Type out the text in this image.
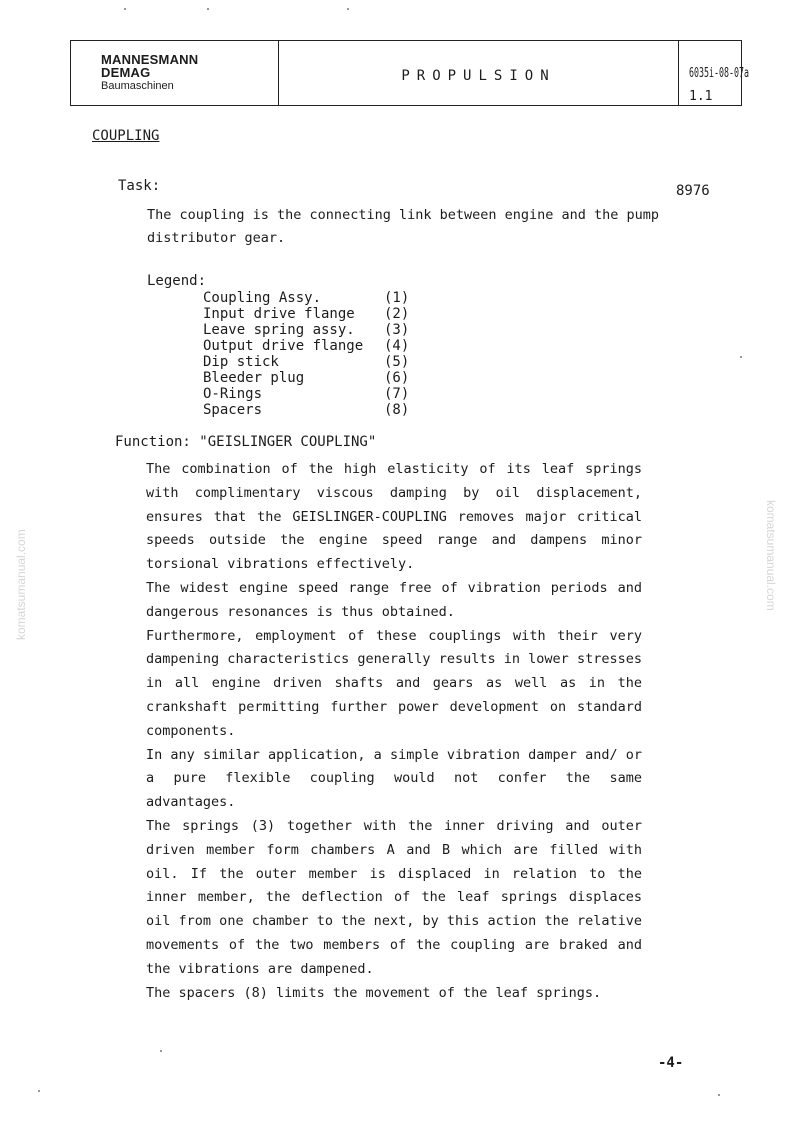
MANNESMANN
DEMAG
Baumaschinen
PROPULSION	6035i-08-07a
1.1
COUPLING
Task:	8976
The coupling is the connecting link between engine and the pump distributor gear.
Legend:
Coupling Assy.	(1)
Input drive flange (2)
Leave spring assy. (3)
Output drive flange (4)
Dip stick	(5)
Bleeder plug	(6)
O-Rings	(7)
Spacers	(8)
Function: "GEISLINGER COUPLING"

The combination of the high elasticity of its leaf springs with complimentary viscous damping by oil displacement, ensures that the GEISLINGER-COUPLING removes major critical speeds outside the engine speed range and dampens minor torsional vibrations effectively.

The widest engine speed range free of vibration periods and dangerous resonances is thus obtained.

Furthermore, employment of these couplings with their very dampening characteristics generally results in lower stresses in all engine driven shafts and gears as well as in the crankshaft permitting further power development on standard components.

In any similar application, a simple vibration damper and/ or a pure flexible coupling would not confer the same advantages.

The springs (3) together with the inner driving and outer driven member form chambers A and B which are filled with oil. If the outer member is displaced in relation to the inner member, the deflection of the leaf springs displaces oil from one chamber to the next, by this action the relative movements of the two members of the coupling are braked and the vibrations are dampened.

The spacers (8) limits the movement of the leaf springs.

-4-
komatsumanual.com	komatsumanual.com
